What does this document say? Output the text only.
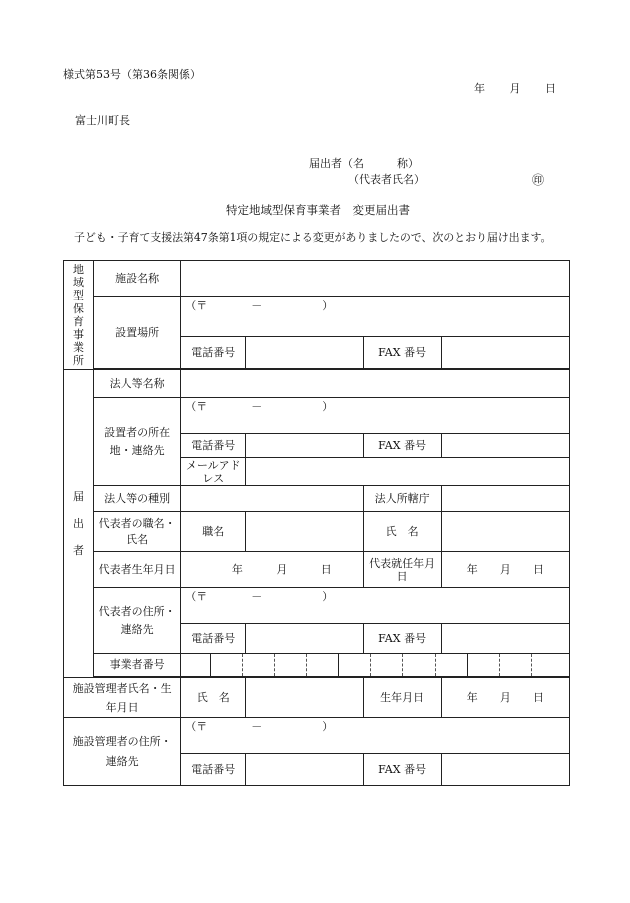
様式第53号（第36条関係）
年 月 日
富士川町長
届出者（名　　　称）
（代表者氏名）	㊞
特定地域型保育事業者　変更届出書
子ども・子育て支援法第47条第1項の規定による変更がありましたので、次のとおり届け出ます。
地域型保育事業所	施設名称				
	設置場所	（〒 － ）			
		電話番号		FAX 番号	

届出者	法人等名称				
	設置者の所在地・連絡先	（〒 － ）			
		電話番号		FAX 番号	
		メールアドレス			
	法人等の種別			法人所轄庁	
	代表者の職名・氏名	職名		氏　名	
	代表者生年月日	年 月 日		代表就任年月日	年 月 日

	代表者の住所・連絡先	（〒 － ）			
		電話番号		FAX 番号	
	事業者番号				

施設管理者氏名・生年月日		氏　名		生年月日	年 月 日

施設管理者の住所・連絡先		（〒 － ）			
		電話番号		FAX 番号	
